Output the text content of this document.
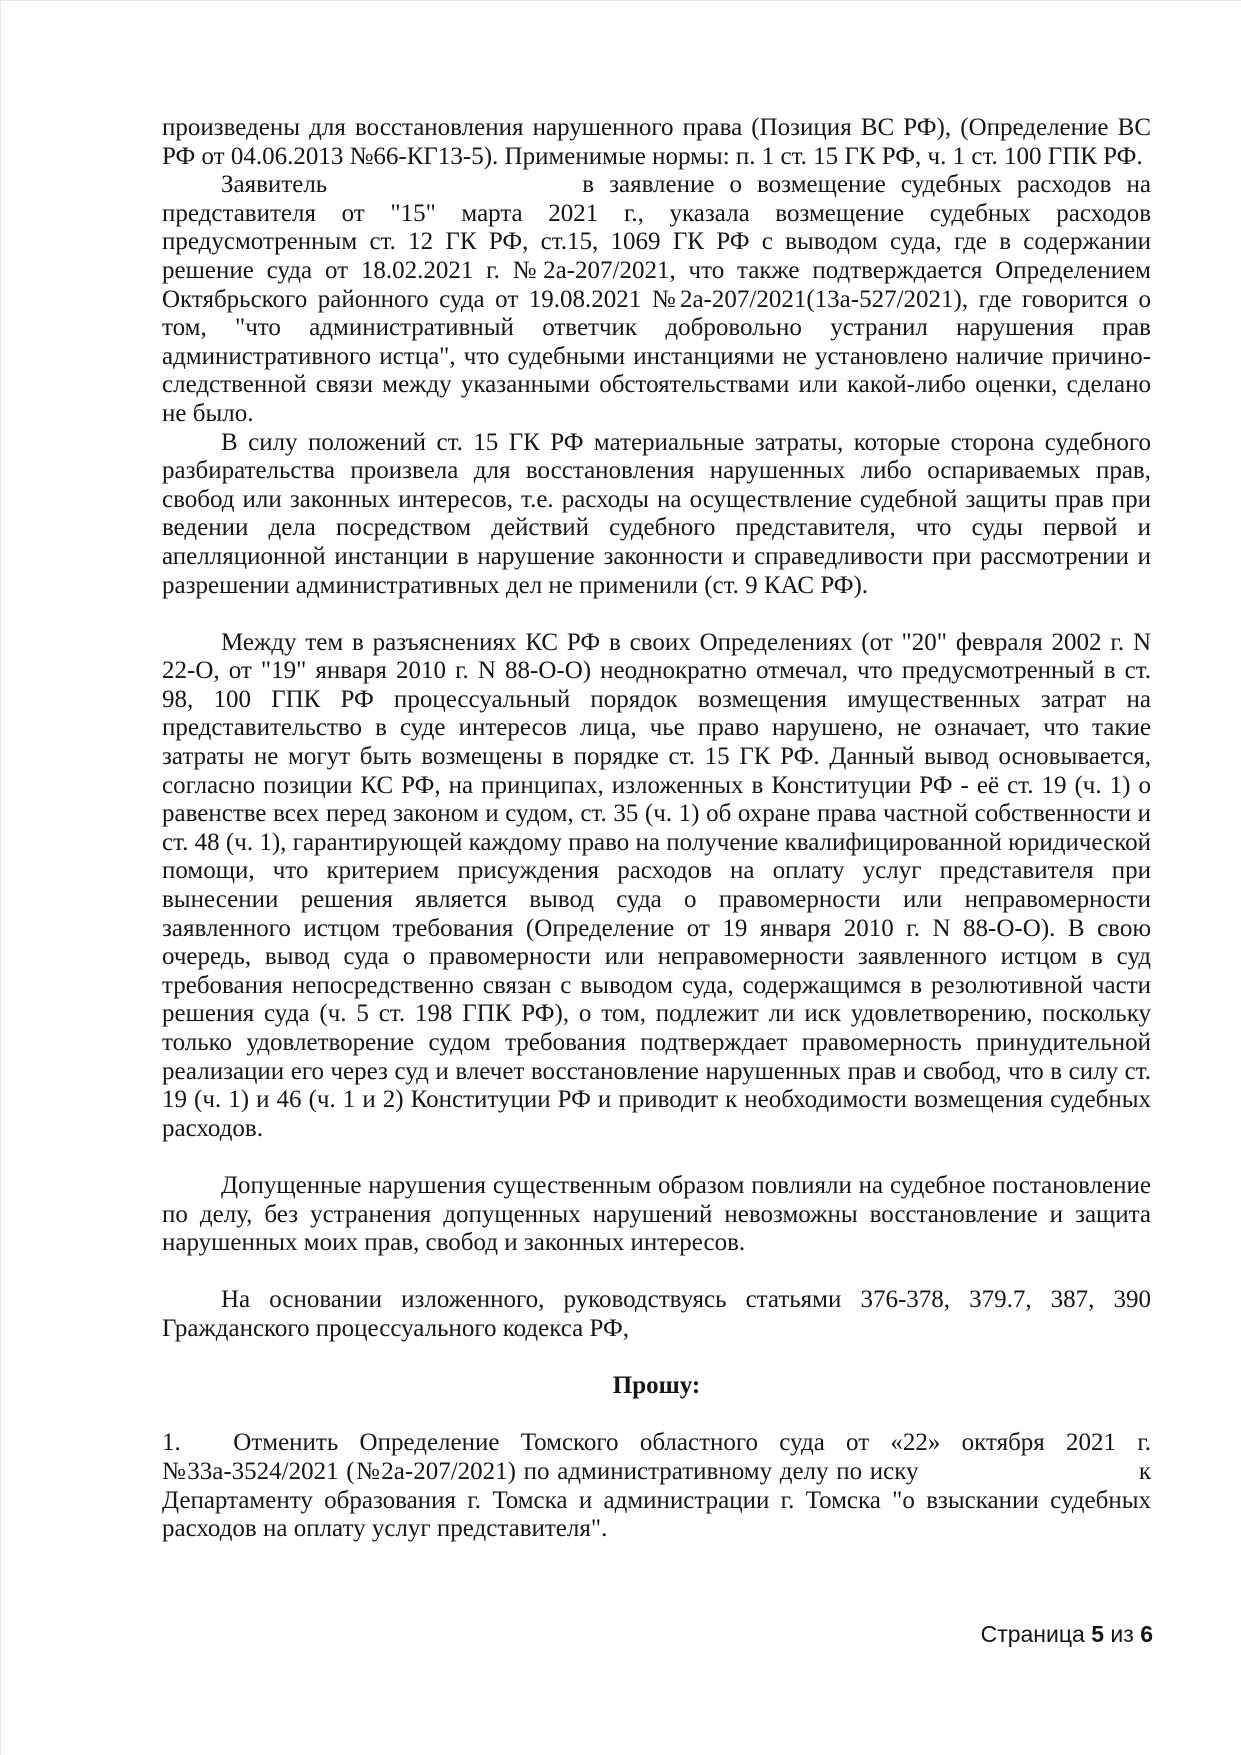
произведены для восстановления нарушенного права (Позиция ВС РФ), (Определение ВС РФ от 04.06.2013 №66-КГ13-5). Применимые нормы: п. 1 ст. 15 ГК РФ, ч. 1 ст. 100 ГПК РФ.

Заявитель	в заявление о возмещение судебных расходов на представителя от "15" марта 2021 г., указала возмещение судебных расходов предусмотренным ст. 12 ГК РФ, ст.15, 1069 ГК РФ с выводом суда, где в содержании решение суда от 18.02.2021 г. №2а-207/2021, что также подтверждается Определением Октябрьского районного суда от 19.08.2021 №2а-207/2021(13а-527/2021), где говорится о том, "что административный ответчик добровольно устранил нарушения прав административного истца", что судебными инстанциями не установлено наличие причино-следственной связи между указанными обстоятельствами или какой-либо оценки, сделано не было.

В силу положений ст. 15 ГК РФ материальные затраты, которые сторона судебного разбирательства произвела для восстановления нарушенных либо оспариваемых прав, свобод или законных интересов, т.е. расходы на осуществление судебной защиты прав при ведении дела посредством действий судебного представителя, что суды первой и апелляционной инстанции в нарушение законности и справедливости при рассмотрении и разрешении административных дел не применили (ст. 9 КАС РФ).

Между тем в разъяснениях КС РФ в своих Определениях (от "20" февраля 2002 г. N 22-О, от "19" января 2010 г. N 88-О-О) неоднократно отмечал, что предусмотренный в ст. 98, 100 ГПК РФ процессуальный порядок возмещения имущественных затрат на представительство в суде интересов лица, чье право нарушено, не означает, что такие затраты не могут быть возмещены в порядке ст. 15 ГК РФ. Данный вывод основывается, согласно позиции КС РФ, на принципах, изложенных в Конституции РФ - её ст. 19 (ч. 1) о равенстве всех перед законом и судом, ст. 35 (ч. 1) об охране права частной собственности и ст. 48 (ч. 1), гарантирующей каждому право на получение квалифицированной юридической помощи, что критерием присуждения расходов на оплату услуг представителя при вынесении решения является вывод суда о правомерности или неправомерности заявленного истцом требования (Определение от 19 января 2010 г. N 88-О-О). В свою очередь, вывод суда о правомерности или неправомерности заявленного истцом в суд требования непосредственно связан с выводом суда, содержащимся в резолютивной части решения суда (ч. 5 ст. 198 ГПК РФ), о том, подлежит ли иск удовлетворению, поскольку только удовлетворение судом требования подтверждает правомерность принудительной реализации его через суд и влечет восстановление нарушенных прав и свобод, что в силу ст. 19 (ч. 1) и 46 (ч. 1 и 2) Конституции РФ и приводит к необходимости возмещения судебных расходов.

Допущенные нарушения существенным образом повлияли на судебное постановление по делу, без устранения допущенных нарушений невозможны восстановление и защита нарушенных моих прав, свобод и законных интересов.

На основании изложенного, руководствуясь статьями 376-378, 379.7, 387, 390 Гражданского процессуального кодекса РФ,

Прошу:

1. Отменить Определение Томского областного суда от «22» октября 2021 г. №33а-3524/2021 (№2а-207/2021) по административному делу по иску	к Департаменту образования г. Томска и администрации г. Томска "о взыскании судебных расходов на оплату услуг представителя".

Страница 5 из 6
